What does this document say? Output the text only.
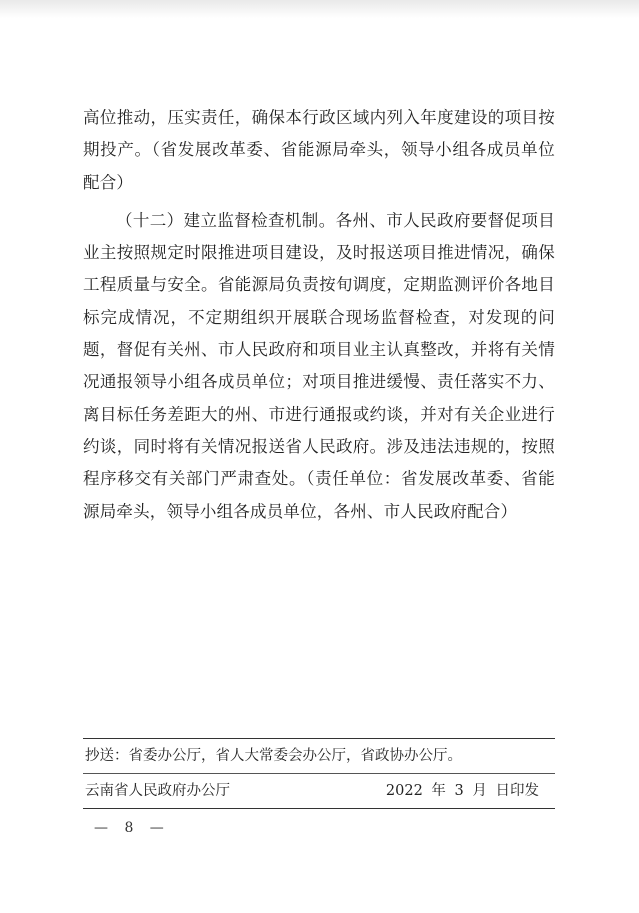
高位推动，压实责任，确保本行政区域内列入年度建设的项目按期投产。（省发展改革委、省能源局牵头，领导小组各成员单位配合）

（十二）建立监督检查机制。各州、市人民政府要督促项目业主按照规定时限推进项目建设，及时报送项目推进情况，确保工程质量与安全。省能源局负责按旬调度，定期监测评价各地目标完成情况，不定期组织开展联合现场监督检查，对发现的问题，督促有关州、市人民政府和项目业主认真整改，并将有关情况通报领导小组各成员单位；对项目推进缓慢、责任落实不力、离目标任务差距大的州、市进行通报或约谈，并对有关企业进行约谈，同时将有关情况报送省人民政府。涉及违法违规的，按照程序移交有关部门严肃查处。（责任单位：省发展改革委、省能源局牵头，领导小组各成员单位，各州、市人民政府配合）

抄送：省委办公厅，省人大常委会办公厅，省政协办公厅。
云南省人民政府办公厅	2022 年 3 月 日印发
— 8 —
